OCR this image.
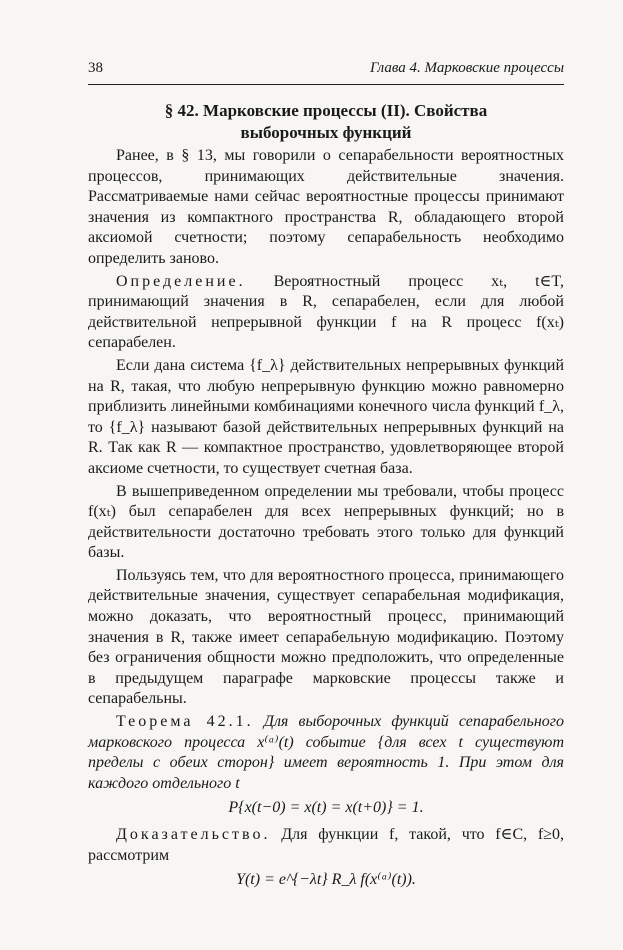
38	Глава 4. Марковские процессы
§ 42. Марковские процессы (II). Свойства
выборочных функций

Ранее, в § 13, мы говорили о сепарабельности вероятностных процессов, принимающих действительные значения. Рассматриваемые нами сейчас вероятностные процессы принимают значения из компактного пространства R, обладающего второй аксиомой счетности; поэтому сепарабельность необходимо определить заново.

Определение. Вероятностный процесс xₜ, t∈T, принимающий значения в R, сепарабелен, если для любой действительной непрерывной функции f на R процесс f(xₜ) сепарабелен.

Если дана система {f_λ} действительных непрерывных функций на R, такая, что любую непрерывную функцию можно равномерно приблизить линейными комбинациями конечного числа функций f_λ, то {f_λ} называют базой действительных непрерывных функций на R. Так как R — компактное пространство, удовлетворяющее второй аксиоме счетности, то существует счетная база.

В вышеприведенном определении мы требовали, чтобы процесс f(xₜ) был сепарабелен для всех непрерывных функций; но в действительности достаточно требовать этого только для функций базы.

Пользуясь тем, что для вероятностного процесса, принимающего действительные значения, существует сепарабельная модификация, можно доказать, что вероятностный процесс, принимающий значения в R, также имеет сепарабельную модификацию. Поэтому без ограничения общности можно предположить, что определенные в предыдущем параграфе марковские процессы также и сепарабельны.

Теорема 42.1. Для выборочных функций сепарабельного марковского процесса x⁽ᵃ⁾(t) событие {для всех t существуют пределы с обеих сторон} имеет вероятность 1. При этом для каждого отдельного t

P{x(t−0) = x(t) = x(t+0)} = 1.

Доказательство. Для функции f, такой, что f∈C, f≥0, рассмотрим

Y(t) = e^{−λt} R_λ f(x⁽ᵃ⁾(t)).
